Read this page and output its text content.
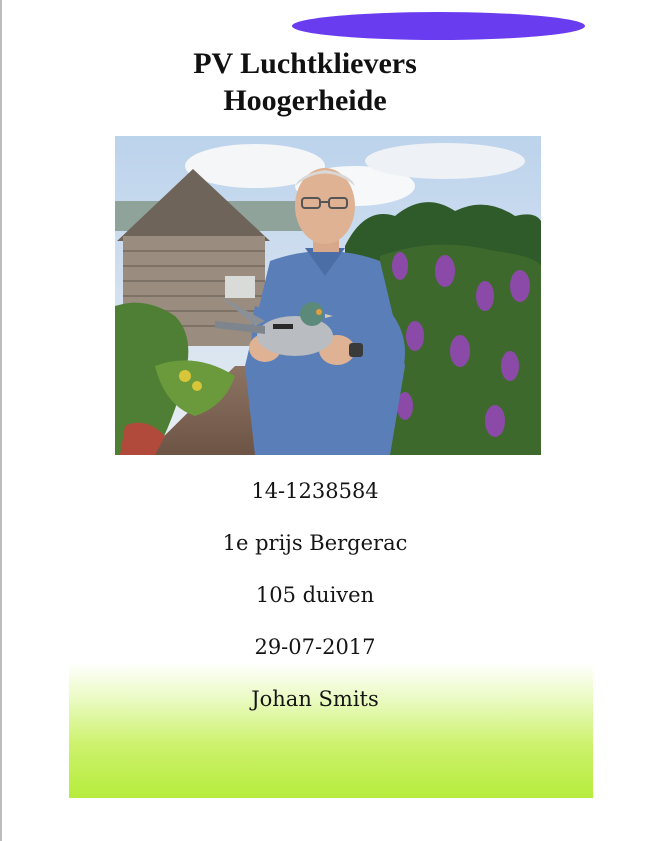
PV Luchtklievers
Hoogerheide

14-1238584

1e prijs Bergerac

105 duiven

29-07-2017

Johan Smits
